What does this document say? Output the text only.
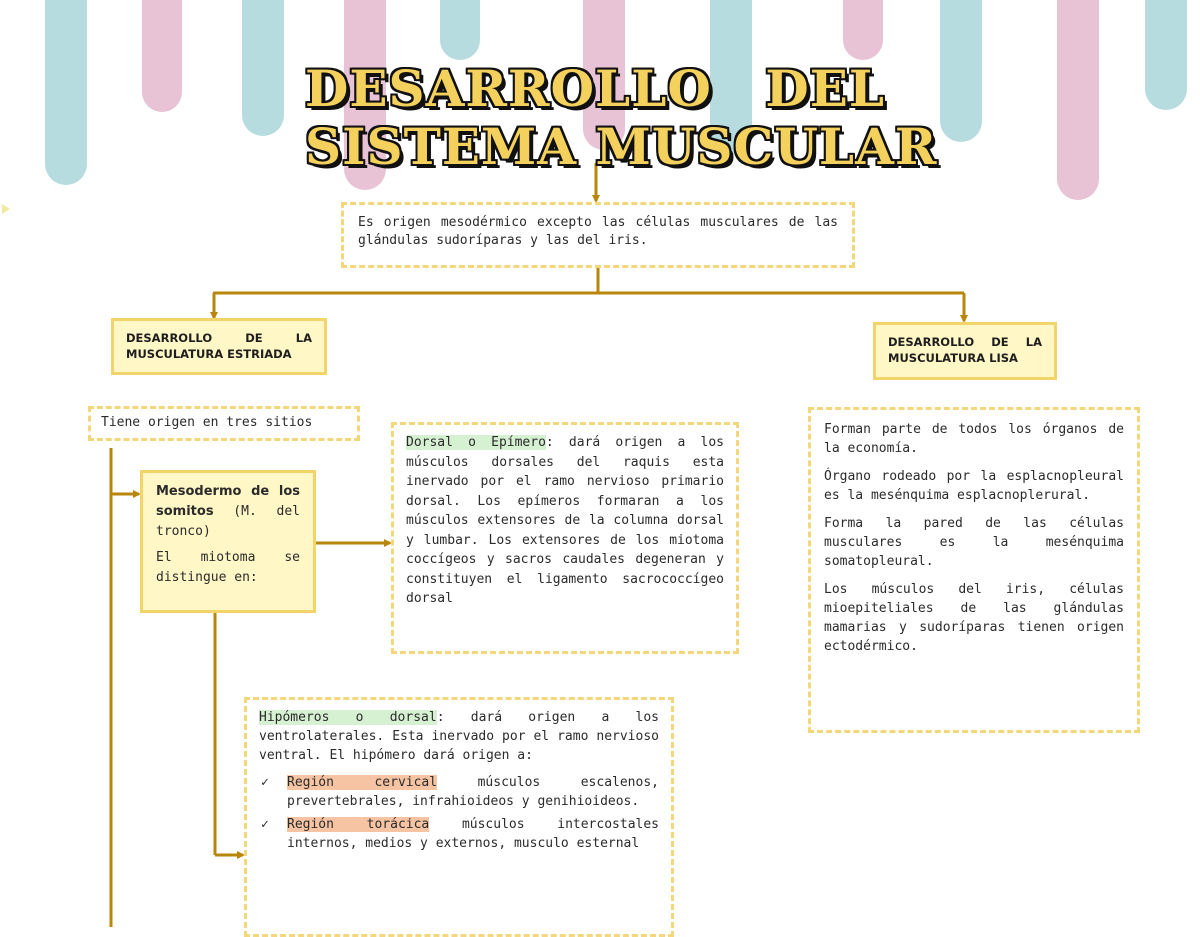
DESARROLLO DEL
SISTEMA MUSCULAR
Es origen mesodérmico excepto las células musculares de las glándulas sudoríparas y las del iris.
DESARROLLO DE LA MUSCULATURA ESTRIADA
DESARROLLO DE LA MUSCULATURA LISA
Tiene origen en tres sitios

Mesodermo de los somitos (M. del tronco)

El miotoma se distingue en:

Dorsal o Epímero: dará origen a los músculos dorsales del raquis esta inervado por el ramo nervioso primario dorsal. Los epímeros formaran a los músculos extensores de la columna dorsal y lumbar. Los extensores de los miotoma coccígeos y sacros caudales degeneran y constituyen el ligamento sacrococcígeo dorsal

Hipómeros o dorsal: dará origen a los ventrolaterales. Esta inervado por el ramo nervioso ventral. El hipómero dará origen a:

✓ Región cervical músculos escalenos, prevertebrales, infrahioideos y genihioideos.
✓ Región torácica músculos intercostales internos, medios y externos, musculo esternal

Forman parte de todos los órganos de la economía.

Órgano rodeado por la esplacnopleural es la mesénquima esplacnoplerural.

Forma la pared de las células musculares es la mesénquima somatopleural.

Los músculos del iris, células mioepiteliales de las glándulas mamarias y sudoríparas tienen origen ectodérmico.
